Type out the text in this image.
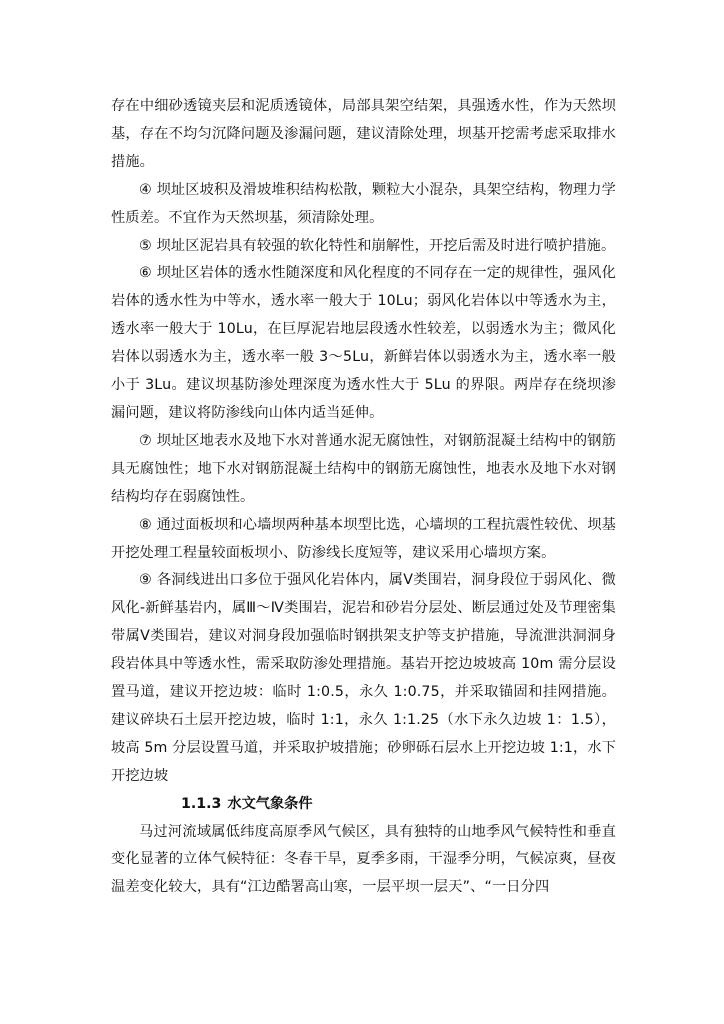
存在中细砂透镜夹层和泥质透镜体，局部具架空结架，具强透水性，作为天然坝基，存在不均匀沉降问题及渗漏问题，建议清除处理，坝基开挖需考虑采取排水措施。

④ 坝址区坡积及滑坡堆积结构松散，颗粒大小混杂，具架空结构，物理力学性质差。不宜作为天然坝基，须清除处理。

⑤ 坝址区泥岩具有较强的软化特性和崩解性，开挖后需及时进行喷护措施。

⑥ 坝址区岩体的透水性随深度和风化程度的不同存在一定的规律性，强风化岩体的透水性为中等水，透水率一般大于 10Lu；弱风化岩体以中等透水为主，透水率一般大于 10Lu，在巨厚泥岩地层段透水性较差，以弱透水为主；微风化岩体以弱透水为主，透水率一般 3～5Lu，新鲜岩体以弱透水为主，透水率一般小于 3Lu。建议坝基防渗处理深度为透水性大于 5Lu 的界限。两岸存在绕坝渗漏问题，建议将防渗线向山体内适当延伸。

⑦ 坝址区地表水及地下水对普通水泥无腐蚀性，对钢筋混凝土结构中的钢筋具无腐蚀性；地下水对钢筋混凝土结构中的钢筋无腐蚀性，地表水及地下水对钢结构均存在弱腐蚀性。

⑧ 通过面板坝和心墙坝两种基本坝型比选，心墙坝的工程抗震性较优、坝基开挖处理工程量较面板坝小、防渗线长度短等，建议采用心墙坝方案。

⑨ 各洞线进出口多位于强风化岩体内，属Ⅴ类围岩，洞身段位于弱风化、微风化-新鲜基岩内，属Ⅲ～Ⅳ类围岩，泥岩和砂岩分层处、断层通过处及节理密集带属Ⅴ类围岩，建议对洞身段加强临时钢拱架支护等支护措施，导流泄洪洞洞身段岩体具中等透水性，需采取防渗处理措施。基岩开挖边坡坡高 10m 需分层设置马道，建议开挖边坡：临时 1:0.5，永久 1:0.75，并采取锚固和挂网措施。建议碎块石土层开挖边坡，临时 1:1，永久 1:1.25（水下永久边坡 1：1.5），坡高 5m 分层设置马道，并采取护坡措施；砂卵砾石层水上开挖边坡 1:1，水下开挖边坡

1.1.3 水文气象条件

马过河流域属低纬度高原季风气候区，具有独特的山地季风气候特性和垂直变化显著的立体气候特征：冬春干旱，夏季多雨，干湿季分明，气候凉爽，昼夜温差变化较大，具有“江边酷署高山寒，一层平坝一层天”、“一日分四
